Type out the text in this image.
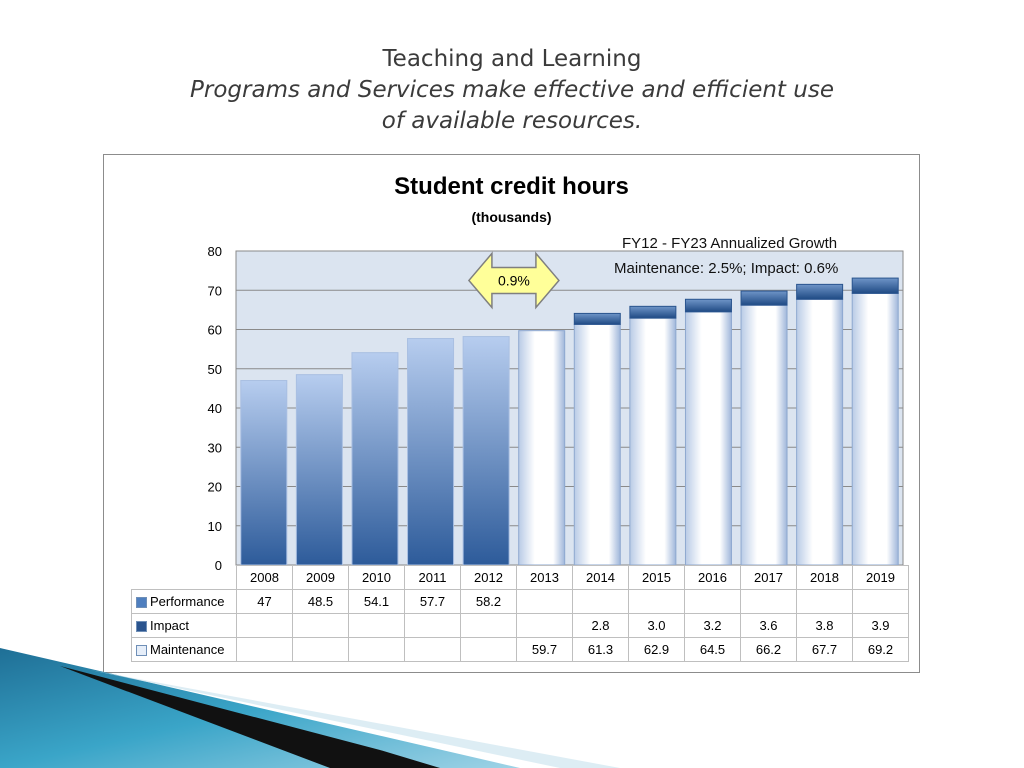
Teaching and Learning
Programs and Services make effective and efficient use
of available resources.
0
10
20
30
40
50
60
70
80
0.9%
Student credit hours
(thousands)
FY12 - FY23 Annualized Growth
Maintenance: 2.5%; Impact: 0.6%
	2008	2009	2010	2011	2012	2013	2014	2015	2016	2017	2018	2019
Performance	47	48.5	54.1	57.7	58.2							
Impact							2.8	3.0	3.2	3.6	3.8	3.9
Maintenance						59.7	61.3	62.9	64.5	66.2	67.7	69.2
